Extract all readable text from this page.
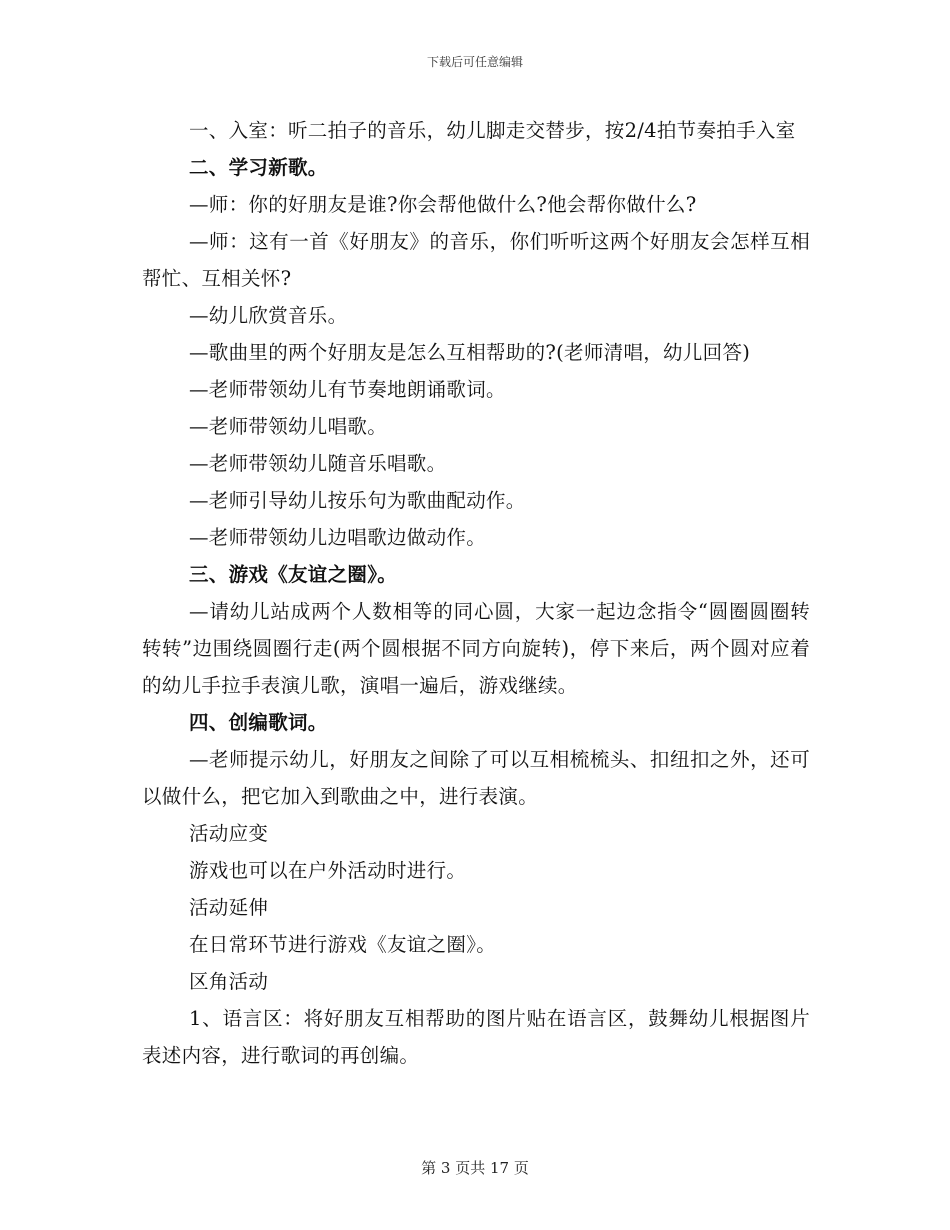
下载后可任意编辑

一、入室：听二拍子的音乐，幼儿脚走交替步，按2/4拍节奏拍手入室

二、学习新歌。

—师：你的好朋友是谁?你会帮他做什么?他会帮你做什么?

—师：这有一首《好朋友》的音乐，你们听听这两个好朋友会怎样互相帮忙、互相关怀?

—幼儿欣赏音乐。

—歌曲里的两个好朋友是怎么互相帮助的?(老师清唱，幼儿回答)

—老师带领幼儿有节奏地朗诵歌词。

—老师带领幼儿唱歌。

—老师带领幼儿随音乐唱歌。

—老师引导幼儿按乐句为歌曲配动作。

—老师带领幼儿边唱歌边做动作。

三、游戏《友谊之圈》。

—请幼儿站成两个人数相等的同心圆，大家一起边念指令“圆圈圆圈转转转”边围绕圆圈行走(两个圆根据不同方向旋转)，停下来后，两个圆对应着的幼儿手拉手表演儿歌，演唱一遍后，游戏继续。

四、创编歌词。

—老师提示幼儿，好朋友之间除了可以互相梳梳头、扣纽扣之外，还可以做什么，把它加入到歌曲之中，进行表演。

活动应变

游戏也可以在户外活动时进行。

活动延伸

在日常环节进行游戏《友谊之圈》。

区角活动

1、语言区：将好朋友互相帮助的图片贴在语言区，鼓舞幼儿根据图片表述内容，进行歌词的再创编。

第 3 页共 17 页
